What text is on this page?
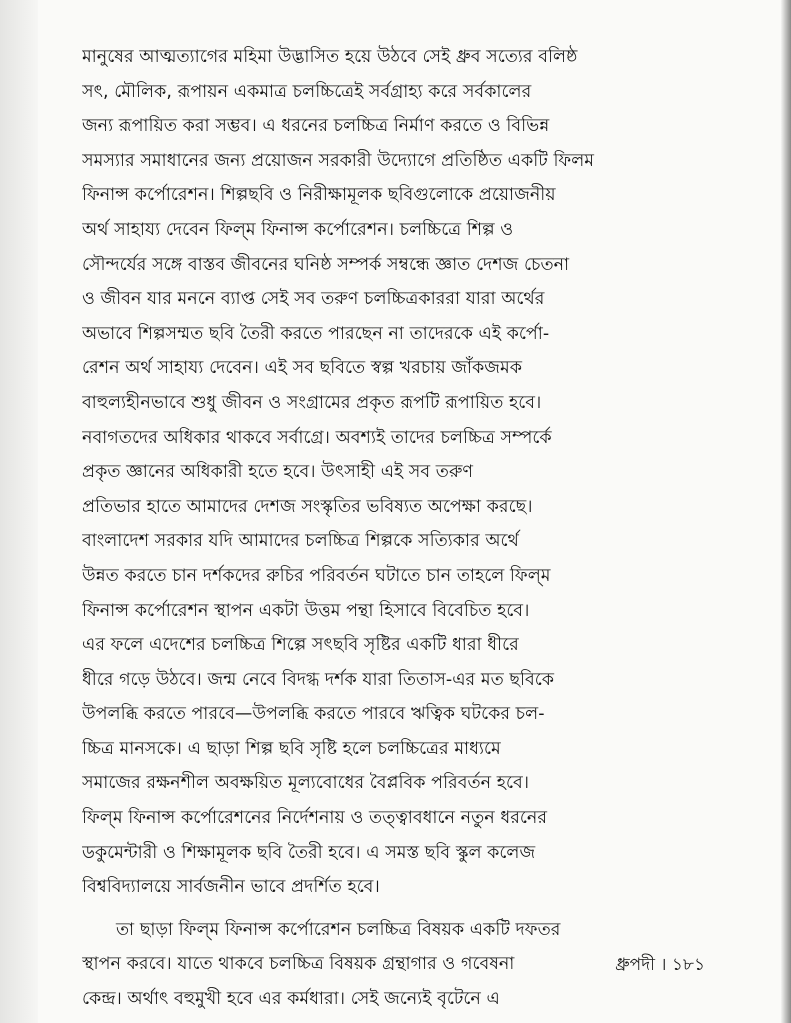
মানুষের আত্মত্যাগের মহিমা উদ্ভাসিত হয়ে উঠবে সেই ধ্রুব সত্যের বলিষ্ঠ
সৎ, মৌলিক, রূপায়ন একমাত্র চলচ্চিত্রেই সর্বগ্রাহ্য করে সর্বকালের
জন্য রূপায়িত করা সম্ভব। এ ধরনের চলচ্চিত্র নির্মাণ করতে ও বিভিন্ন
সমস্যার সমাধানের জন্য প্রয়োজন সরকারী উদ্যোগে প্রতিষ্ঠিত একটি ফিলম
ফিনান্স কর্পোরেশন। শিল্পছবি ও নিরীক্ষামূলক ছবিগুলোকে প্রয়োজনীয়
অর্থ সাহায্য দেবেন ফিল্‌ম ফিনান্স কর্পোরেশন। চলচ্চিত্রে শিল্প ও
সৌন্দর্যের সঙ্গে বাস্তব জীবনের ঘনিষ্ঠ সম্পর্ক সম্বন্ধে জ্ঞাত দেশজ চেতনা
ও জীবন যার মননে ব্যাপ্ত সেই সব তরুণ চলচ্চিত্রকাররা যারা অর্থের
অভাবে শিল্পসম্মত ছবি তৈরী করতে পারছেন না তাদেরকে এই কর্পো-
রেশন অর্থ সাহায্য দেবেন। এই সব ছবিতে স্বল্প খরচায় জাঁকজমক
বাহুল্যহীনভাবে শুধু জীবন ও সংগ্রামের প্রকৃত রূপটি রূপায়িত হবে।
নবাগতদের অধিকার থাকবে সর্বাগ্রে। অবশ্যই তাদের চলচ্চিত্র সম্পর্কে
প্রকৃত জ্ঞানের অধিকারী হতে হবে। উৎসাহী এই সব তরুণ
প্রতিভার হাতে আমাদের দেশজ সংস্কৃতির ভবিষ্যত অপেক্ষা করছে।
বাংলাদেশ সরকার যদি আমাদের চলচ্চিত্র শিল্পকে সত্যিকার অর্থে
উন্নত করতে চান দর্শকদের রুচির পরিবর্তন ঘটাতে চান তাহলে ফিল্‌ম
ফিনান্স কর্পোরেশন স্থাপন একটা উত্তম পন্থা হিসাবে বিবেচিত হবে।
এর ফলে এদেশের চলচ্চিত্র শিল্পে সৎছবি সৃষ্টির একটি ধারা ধীরে
ধীরে গড়ে উঠবে। জন্ম নেবে বিদগ্ধ দর্শক যারা তিতাস-এর মত ছবিকে
উপলব্ধি করতে পারবে—উপলব্ধি করতে পারবে ঋত্বিক ঘটকের চল-
চ্চিত্র মানসকে। এ ছাড়া শিল্প ছবি সৃষ্টি হলে চলচ্চিত্রের মাধ্যমে
সমাজের রক্ষনশীল অবক্ষয়িত মূল্যবোধের বৈপ্লবিক পরিবর্তন হবে।
ফিল্‌ম ফিনান্স কর্পোরেশনের নির্দেশনায় ও তত্ত্বাবধানে নতুন ধরনের
ডকুমেন্টারী ও শিক্ষামূলক ছবি তৈরী হবে। এ সমস্ত ছবি স্কুল কলেজ
বিশ্ববিদ্যালয়ে সার্বজনীন ভাবে প্রদর্শিত হবে।
তা ছাড়া ফিল্‌ম ফিনান্স কর্পোরেশন চলচ্চিত্র বিষয়ক একটি দফতর
স্থাপন করবে। যাতে থাকবে চলচ্চিত্র বিষয়ক গ্রন্থাগার ও গবেষনা
কেন্দ্র। অর্থাৎ বহুমুখী হবে এর কর্মধারা। সেই জন্যেই বৃটেনে এ
ধ্রুপদী । ১৮১
